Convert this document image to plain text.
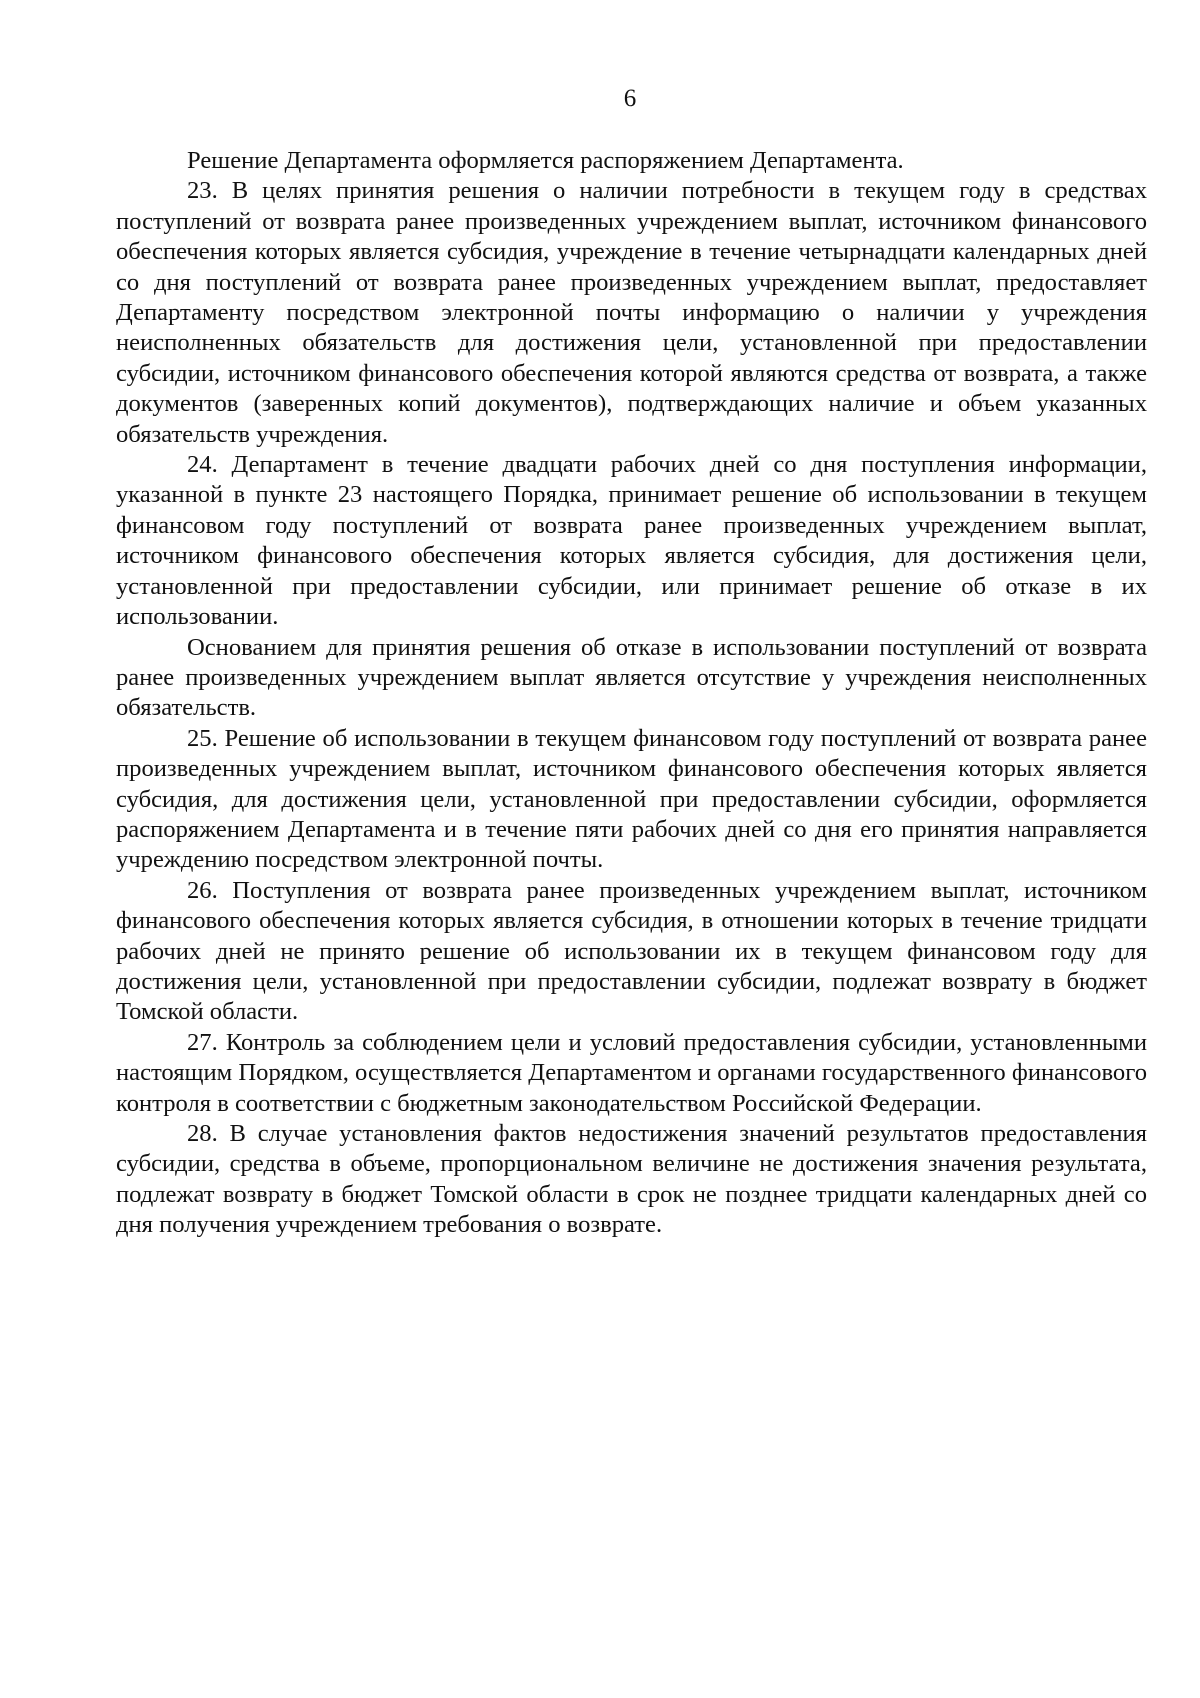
6

Решение Департамента оформляется распоряжением Департамента.

23. В целях принятия решения о наличии потребности в текущем году в средствах поступлений от возврата ранее произведенных учреждением выплат, источником финансового обеспечения которых является субсидия, учреждение в течение четырнадцати календарных дней со дня поступлений от возврата ранее произведенных учреждением выплат, предоставляет Департаменту посредством электронной почты информацию о наличии у учреждения неисполненных обязательств для достижения цели, установленной при предоставлении субсидии, источником финансового обеспечения которой являются средства от возврата, а также документов (заверенных копий документов), подтверждающих наличие и объем указанных обязательств учреждения.

24. Департамент в течение двадцати рабочих дней со дня поступления информации, указанной в пункте 23 настоящего Порядка, принимает решение об использовании в текущем финансовом году поступлений от возврата ранее произведенных учреждением выплат, источником финансового обеспечения которых является субсидия, для достижения цели, установленной при предоставлении субсидии, или принимает решение об отказе в их использовании.

Основанием для принятия решения об отказе в использовании поступлений от возврата ранее произведенных учреждением выплат является отсутствие у учреждения неисполненных обязательств.

25. Решение об использовании в текущем финансовом году поступлений от возврата ранее произведенных учреждением выплат, источником финансового обеспечения которых является субсидия, для достижения цели, установленной при предоставлении субсидии, оформляется распоряжением Департамента и в течение пяти рабочих дней со дня его принятия направляется учреждению посредством электронной почты.

26. Поступления от возврата ранее произведенных учреждением выплат, источником финансового обеспечения которых является субсидия, в отношении которых в течение тридцати рабочих дней не принято решение об использовании их в текущем финансовом году для достижения цели, установленной при предоставлении субсидии, подлежат возврату в бюджет Томской области.

27. Контроль за соблюдением цели и условий предоставления субсидии, установленными настоящим Порядком, осуществляется Департаментом и органами государственного финансового контроля в соответствии с бюджетным законодательством Российской Федерации.

28. В случае установления фактов недостижения значений результатов предоставления субсидии, средства в объеме, пропорциональном величине не достижения значения результата, подлежат возврату в бюджет Томской области в срок не позднее тридцати календарных дней со дня получения учреждением требования о возврате.
